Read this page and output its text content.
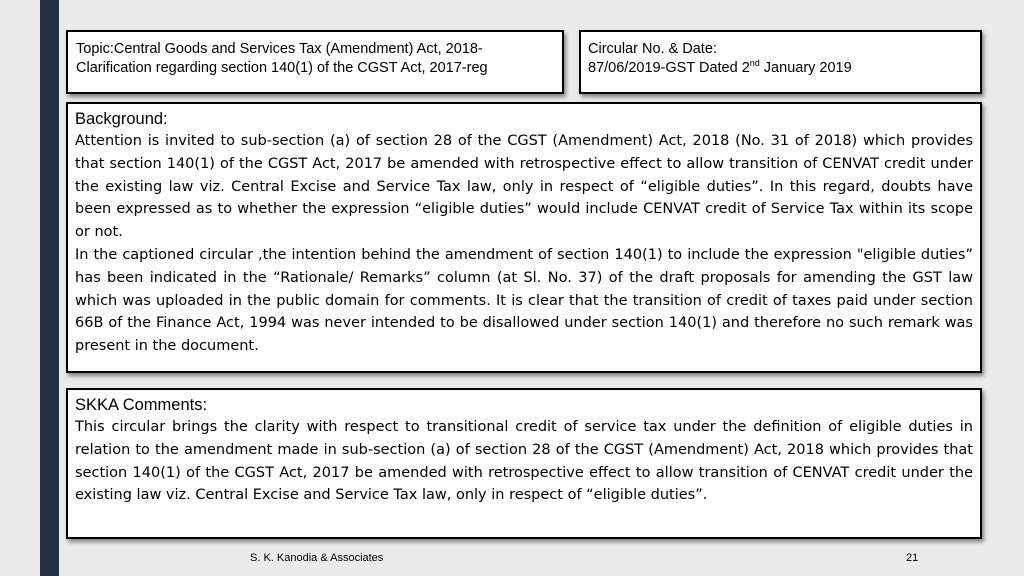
Topic:Central Goods and Services Tax (Amendment) Act, 2018-
Clarification regarding section 140(1) of the CGST Act, 2017-reg
Circular No. & Date:
87/06/2019-GST Dated 2nd January 2019
Background:

Attention is invited to sub-section (a) of section 28 of the CGST (Amendment) Act, 2018 (No. 31 of 2018) which provides that section 140(1) of the CGST Act, 2017 be amended with retrospective effect to allow transition of CENVAT credit under the existing law viz. Central Excise and Service Tax law, only in respect of “eligible duties”. In this regard, doubts have been expressed as to whether the expression “eligible duties” would include CENVAT credit of Service Tax within its scope or not.

In the captioned circular ,the intention behind the amendment of section 140(1) to include the expression "eligible duties” has been indicated in the “Rationale/ Remarks” column (at Sl. No. 37) of the draft proposals for amending the GST law which was uploaded in the public domain for comments. It is clear that the transition of credit of taxes paid under section 66B of the Finance Act, 1994 was never intended to be disallowed under section 140(1) and therefore no such remark was present in the document.

SKKA Comments:

This circular brings the clarity with respect to transitional credit of service tax under the definition of eligible duties in relation to the amendment made in sub-section (a) of section 28 of the CGST (Amendment) Act, 2018 which provides that section 140(1) of the CGST Act, 2017 be amended with retrospective effect to allow transition of CENVAT credit under the existing law viz. Central Excise and Service Tax law, only in respect of “eligible duties”.

S. K. Kanodia & Associates	21
